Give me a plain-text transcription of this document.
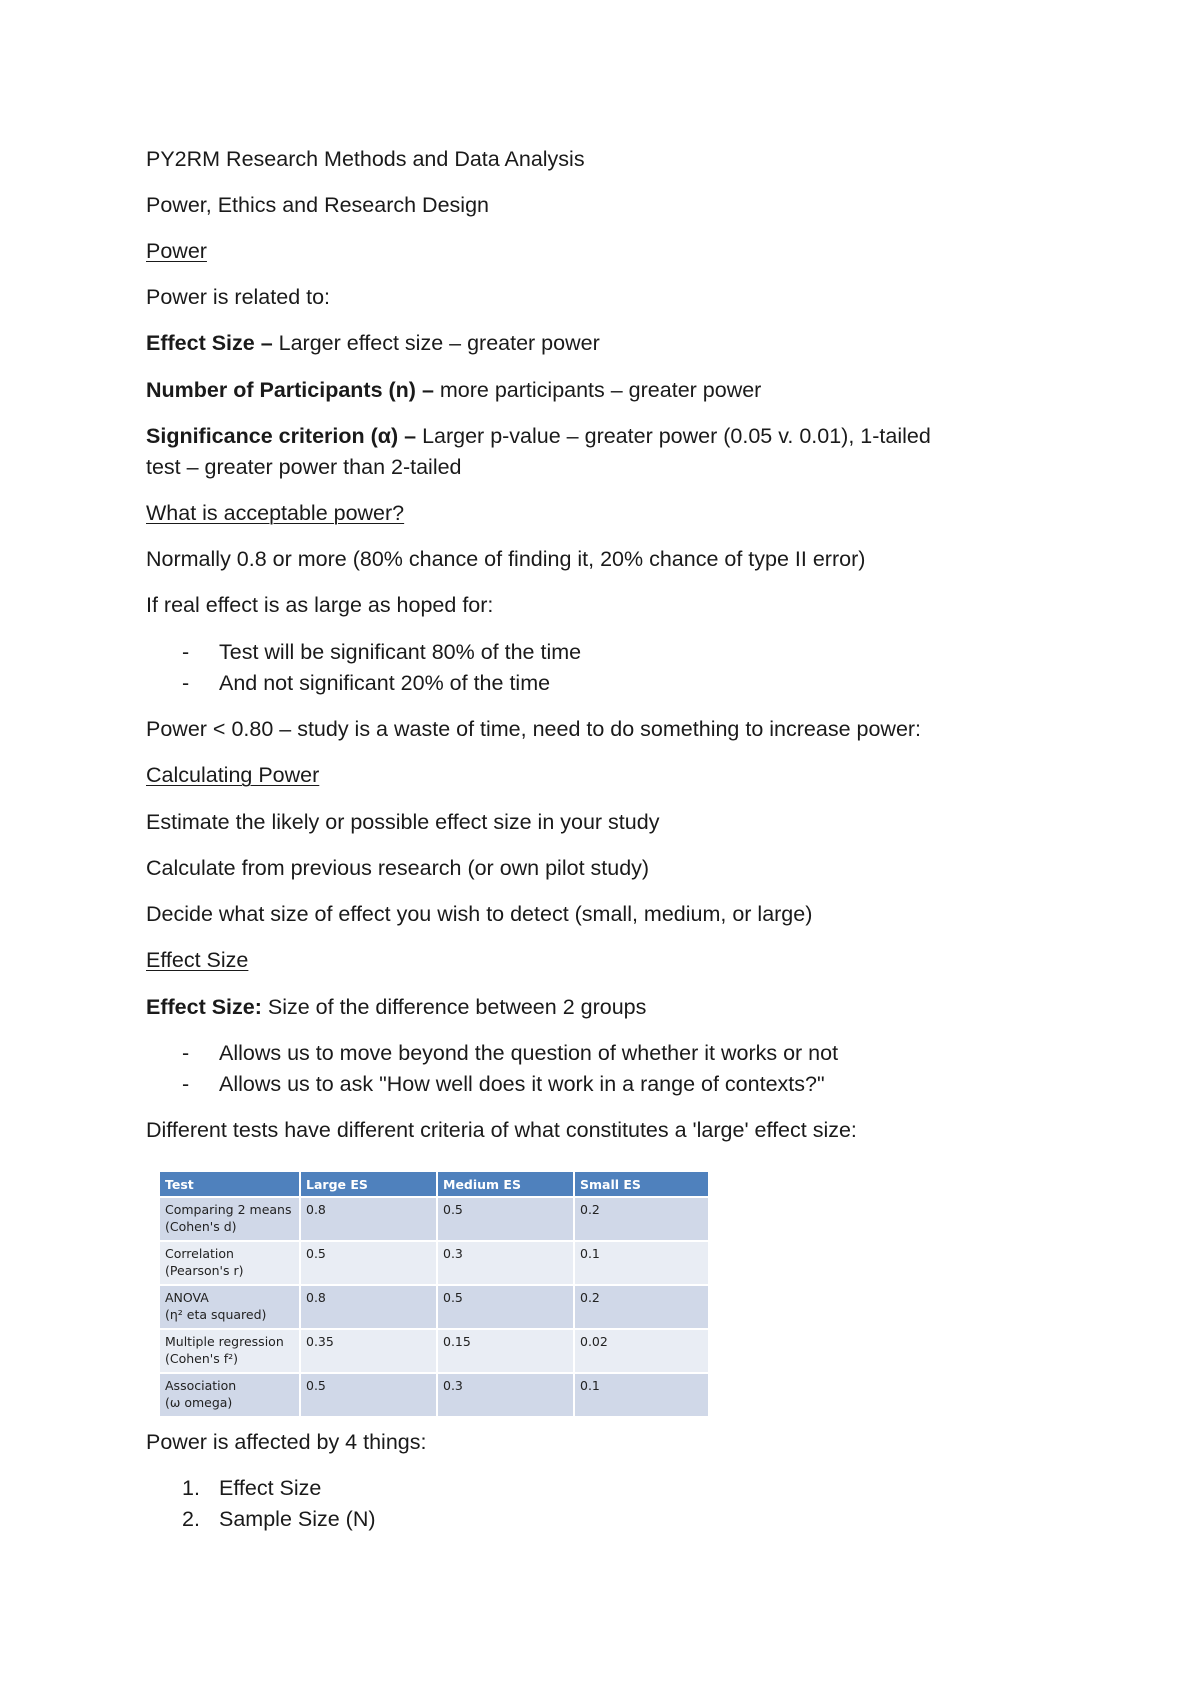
PY2RM Research Methods and Data Analysis

Power, Ethics and Research Design

Power

Power is related to:

Effect Size – Larger effect size – greater power

Number of Participants (n) – more participants – greater power

Significance criterion (α) – Larger p-value – greater power (0.05 v. 0.01), 1-tailed

test – greater power than 2-tailed

What is acceptable power?

Normally 0.8 or more (80% chance of finding it, 20% chance of type II error)

If real effect is as large as hoped for:

- Test will be significant 80% of the time
- And not significant 20% of the time

Power < 0.80 – study is a waste of time, need to do something to increase power:

Calculating Power

Estimate the likely or possible effect size in your study

Calculate from previous research (or own pilot study)

Decide what size of effect you wish to detect (small, medium, or large)

Effect Size

Effect Size: Size of the difference between 2 groups

- Allows us to move beyond the question of whether it works or not
- Allows us to ask "How well does it work in a range of contexts?"

Different tests have different criteria of what constitutes a 'large' effect size:

Test	Large ES	Medium ES	Small ES
Comparing 2 means
(Cohen's d)	0.8	0.5	0.2
Correlation
(Pearson's r)	0.5	0.3	0.1
ANOVA
(η² eta squared)	0.8	0.5	0.2
Multiple regression
(Cohen's f²)	0.35	0.15	0.02
Association
(ω omega)	0.5	0.3	0.1

Power is affected by 4 things:

1. Effect Size
2. Sample Size (N)
